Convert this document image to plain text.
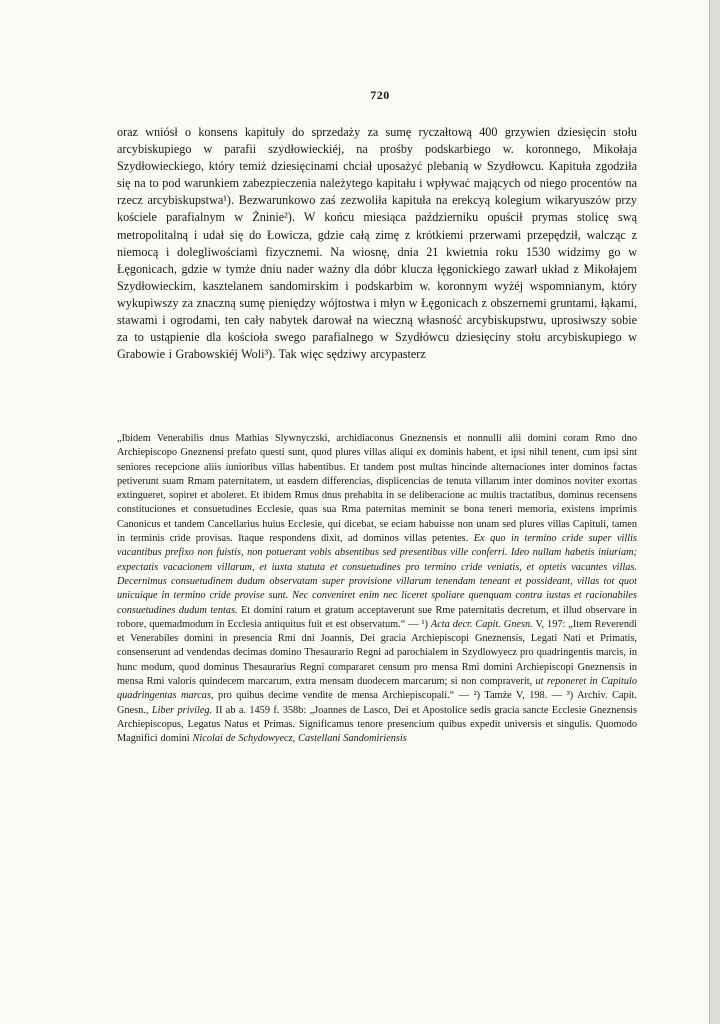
720

oraz wniósł o konsens kapituły do sprzedaży za sumę ryczałtową 400 grzywien dziesięcin stołu arcybiskupiego w parafii szydłowieckiéj, na prośby podskarbiego w. koronnego, Mikołaja Szydłowieckiego, który temiż dziesięcinami chciał uposażyć plebanią w Szydłowcu. Kapituła zgodziła się na to pod warunkiem zabezpieczenia należytego kapitału i wpływać mających od niego procentów na rzecz arcybiskupstwa¹). Bezwarunkowo zaś zezwoliła kapituła na erekcyą kolegium wikaryuszów przy kościele parafialnym w Żninie²). W końcu miesiąca październiku opuścił prymas stolicę swą metropolitalną i udał się do Łowicza, gdzie całą zimę z krótkiemi przerwami przepędził, walcząc z niemocą i dolegliwościami fizycznemi. Na wiosnę, dnia 21 kwietnia roku 1530 widzimy go w Łęgonicach, gdzie w tymże dniu nader ważny dla dóbr klucza łęgonickiego zawarł układ z Mikołajem Szydłowieckim, kasztelanem sandomirskim i podskarbim w. koronnym wyżéj wspomnianym, który wykupiwszy za znaczną sumę pieniędzy wójtostwa i młyn w Łęgonicach z obszernemi gruntami, łąkami, stawami i ogrodami, ten cały nabytek darował na wieczną własność arcybiskupstwu, uprosiwszy sobie za to ustąpienie dla kościoła swego parafialnego w Szydłówcu dziesięciny stołu arcybiskupiego w Grabowie i Grabowskiéj Woli³). Tak więc sędziwy arcypasterz

„Ibidem Venerabilis dnus Mathias Slywnyczski, archidiaconus Gneznensis et nonnulli alii domini coram Rmo dno Archiepiscopo Gneznensi prefato questi sunt, quod plures villas aliqui ex dominis habent, et ipsi nihil tenent, cum ipsi sint seniores recepcione aliis iunioribus villas habentibus. Et tandem post multas hincinde alternaciones inter dominos factas petiverunt suam Rmam paternitatem, ut easdem differencias, displicencias de tenuta villarum inter dominos noviter exortas extingueret, sopiret et aboleret. Et ibidem Rmus dnus prehabita in se deliberacione ac multis tractatibus, dominus recensens constituciones et consuetudines Ecclesie, quas sua Rma paternitas meminit se bona teneri memoria, existens imprimis Canonicus et tandem Cancellarius huius Ecclesie, qui dicebat, se eciam habuisse non unam sed plures villas Capituli, tamen in terminis cride provisas. Itaque respondens dixit, ad dominos villas petentes. Ex quo in termino cride super villis vacantibus prefixo non fuistis, non potuerant vobis absentibus sed presentibus ville conferri. Ideo nullam habetis iniuriam; expectatis vacacionem villarum, et iuxta statuta et consuetudines pro termino cride veniatis, et optetis vacantes villas. Decernimus consuetudinem dudum observatam super provisione villarum tenendam teneant et possideant, villas tot quot unicuique in termino cride provise sunt. Nec conveniret enim nec liceret spoliare quenquam contra iustas et racionabiles consuetudines dudum tentas. Et domini ratum et gratum acceptaverunt sue Rme paternitatis decretum, et illud observare in robore, quemadmodum in Ecclesia antiquitus fuit et est observatum.“ — ¹) Acta decr. Capit. Gnesn. V, 197: „Item Reverendi et Venerabiles domini in presencia Rmi dni Joannis, Dei gracia Archiepiscopi Gneznensis, Legati Nati et Primatis, consenserunt ad vendendas decimas domino Thesaurario Regni ad parochialem in Szydlowyecz pro quadringentis marcis, in hunc modum, quod dominus Thesaurarius Regni compararet censum pro mensa Rmi domini Archiepiscopi Gneznensis in mensa Rmi valoris quindecem marcarum, extra mensam duodecem marcarum; si non compraverit, ut reponeret in Capitulo quadringentas marcas, pro quibus decime vendite de mensa Archiepiscopali.“ — ²) Tamże V, 198. — ³) Archiv. Capit. Gnesn., Liber privileg. II ab a. 1459 f. 358b: „Joannes de Lasco, Dei et Apostolice sedis gracia sancte Ecclesie Gneznensis Archiepiscopus, Legatus Natus et Primas. Significamus tenore presencium quibus expedit universis et singulis. Quomodo Magnifici domini Nicolai de Schydowyecz, Castellani Sandomiriensis
